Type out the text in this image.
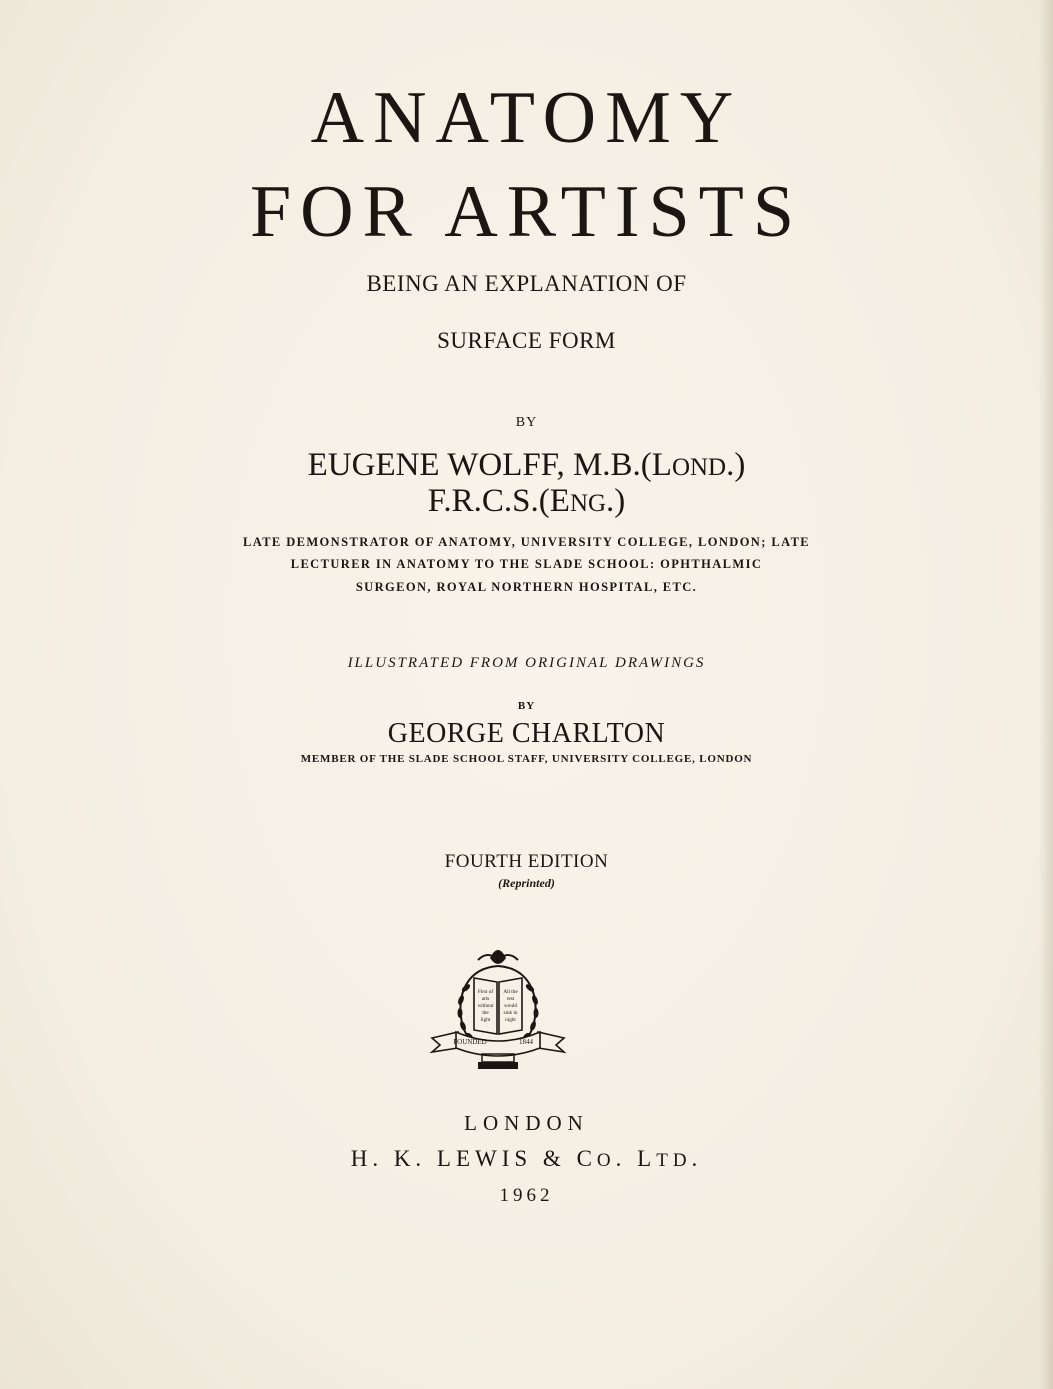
ANATOMY
FOR ARTISTS
BEING AN EXPLANATION OF
SURFACE FORM
BY
EUGENE WOLFF, M.B.(LOND.)
F.R.C.S.(ENG.)
LATE DEMONSTRATOR OF ANATOMY, UNIVERSITY COLLEGE, LONDON; LATE
LECTURER IN ANATOMY TO THE SLADE SCHOOL: OPHTHALMIC
SURGEON, ROYAL NORTHERN HOSPITAL, ETC.
ILLUSTRATED FROM ORIGINAL DRAWINGS
BY
GEORGE CHARLTON
MEMBER OF THE SLADE SCHOOL STAFF, UNIVERSITY COLLEGE, LONDON
FOURTH EDITION
(Reprinted)
First of
arts
without
the
light
All the
rest
would
sink in
night
FOUNDED	1844
LONDON
H. K. LEWIS & CO. LTD.
1962
